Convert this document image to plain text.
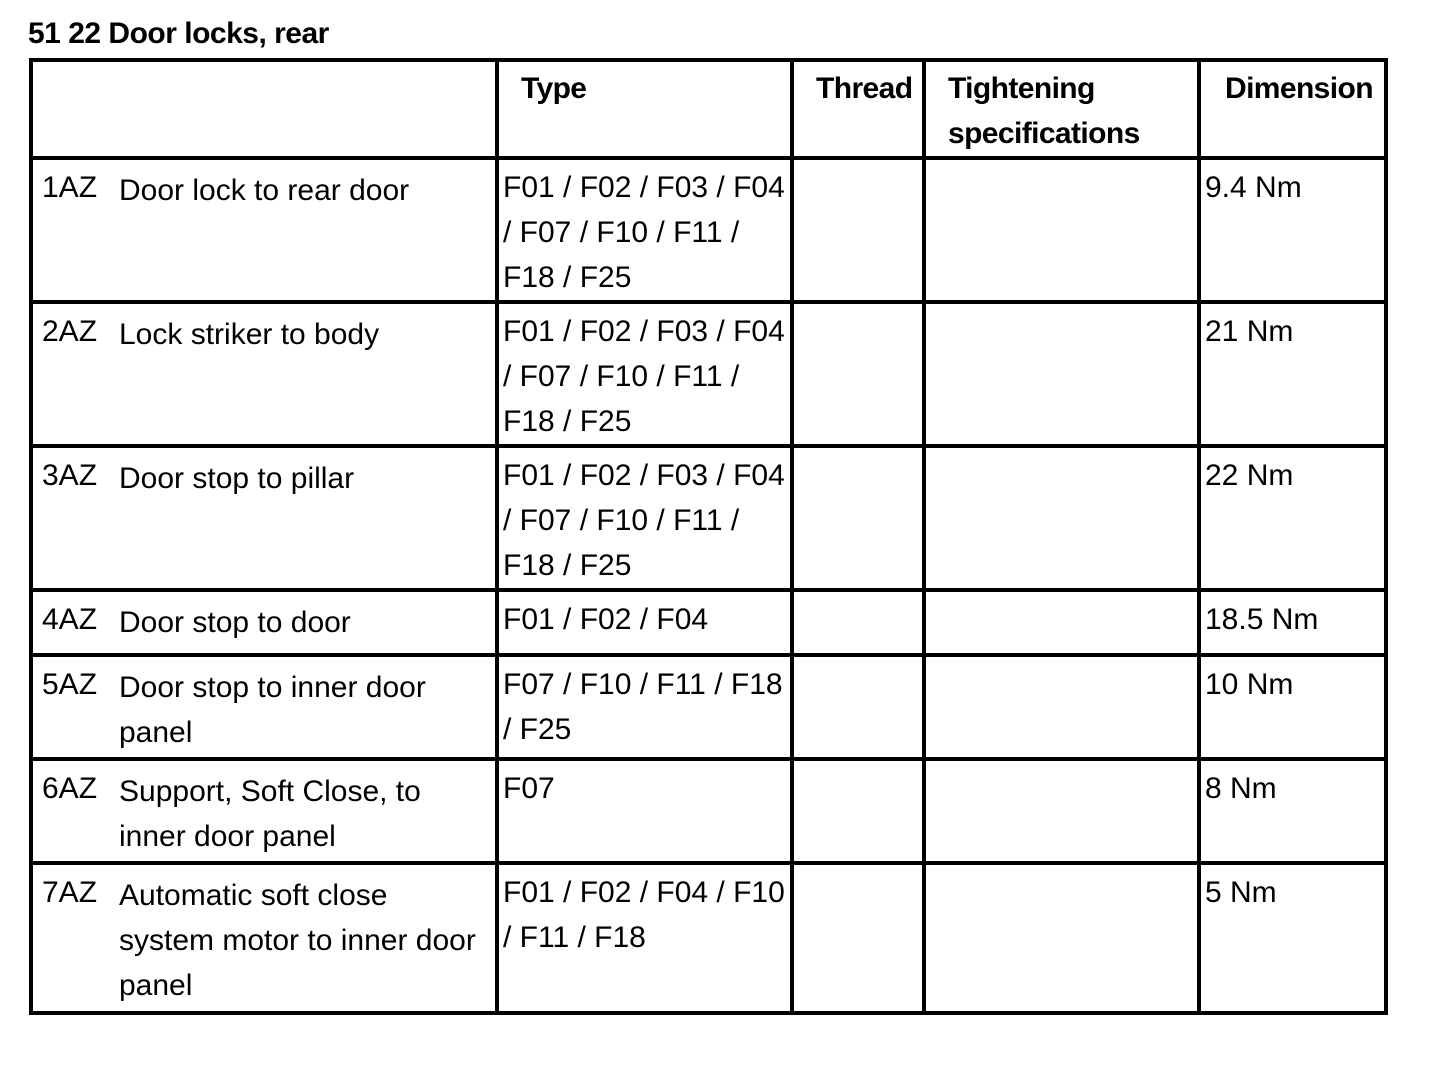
51 22 Door locks, rear
	Type	Thread	Tightening specifications	Dimension

1AZ Door lock to rear door	F01 / F02 / F03 / F04 / F07 / F10 / F11 / F18 / F25			9.4 Nm

2AZ Lock striker to body	F01 / F02 / F03 / F04 / F07 / F10 / F11 / F18 / F25			21 Nm

3AZ Door stop to pillar	F01 / F02 / F03 / F04 / F07 / F10 / F11 / F18 / F25			22 Nm

4AZ Door stop to door	F01 / F02 / F04			18.5 Nm

5AZ Door stop to inner door panel	F07 / F10 / F11 / F18 / F25			10 Nm

6AZ Support, Soft Close, to inner door panel	F07			8 Nm

7AZ Automatic soft close system motor to inner door panel	F01 / F02 / F04 / F10 / F11 / F18			5 Nm
